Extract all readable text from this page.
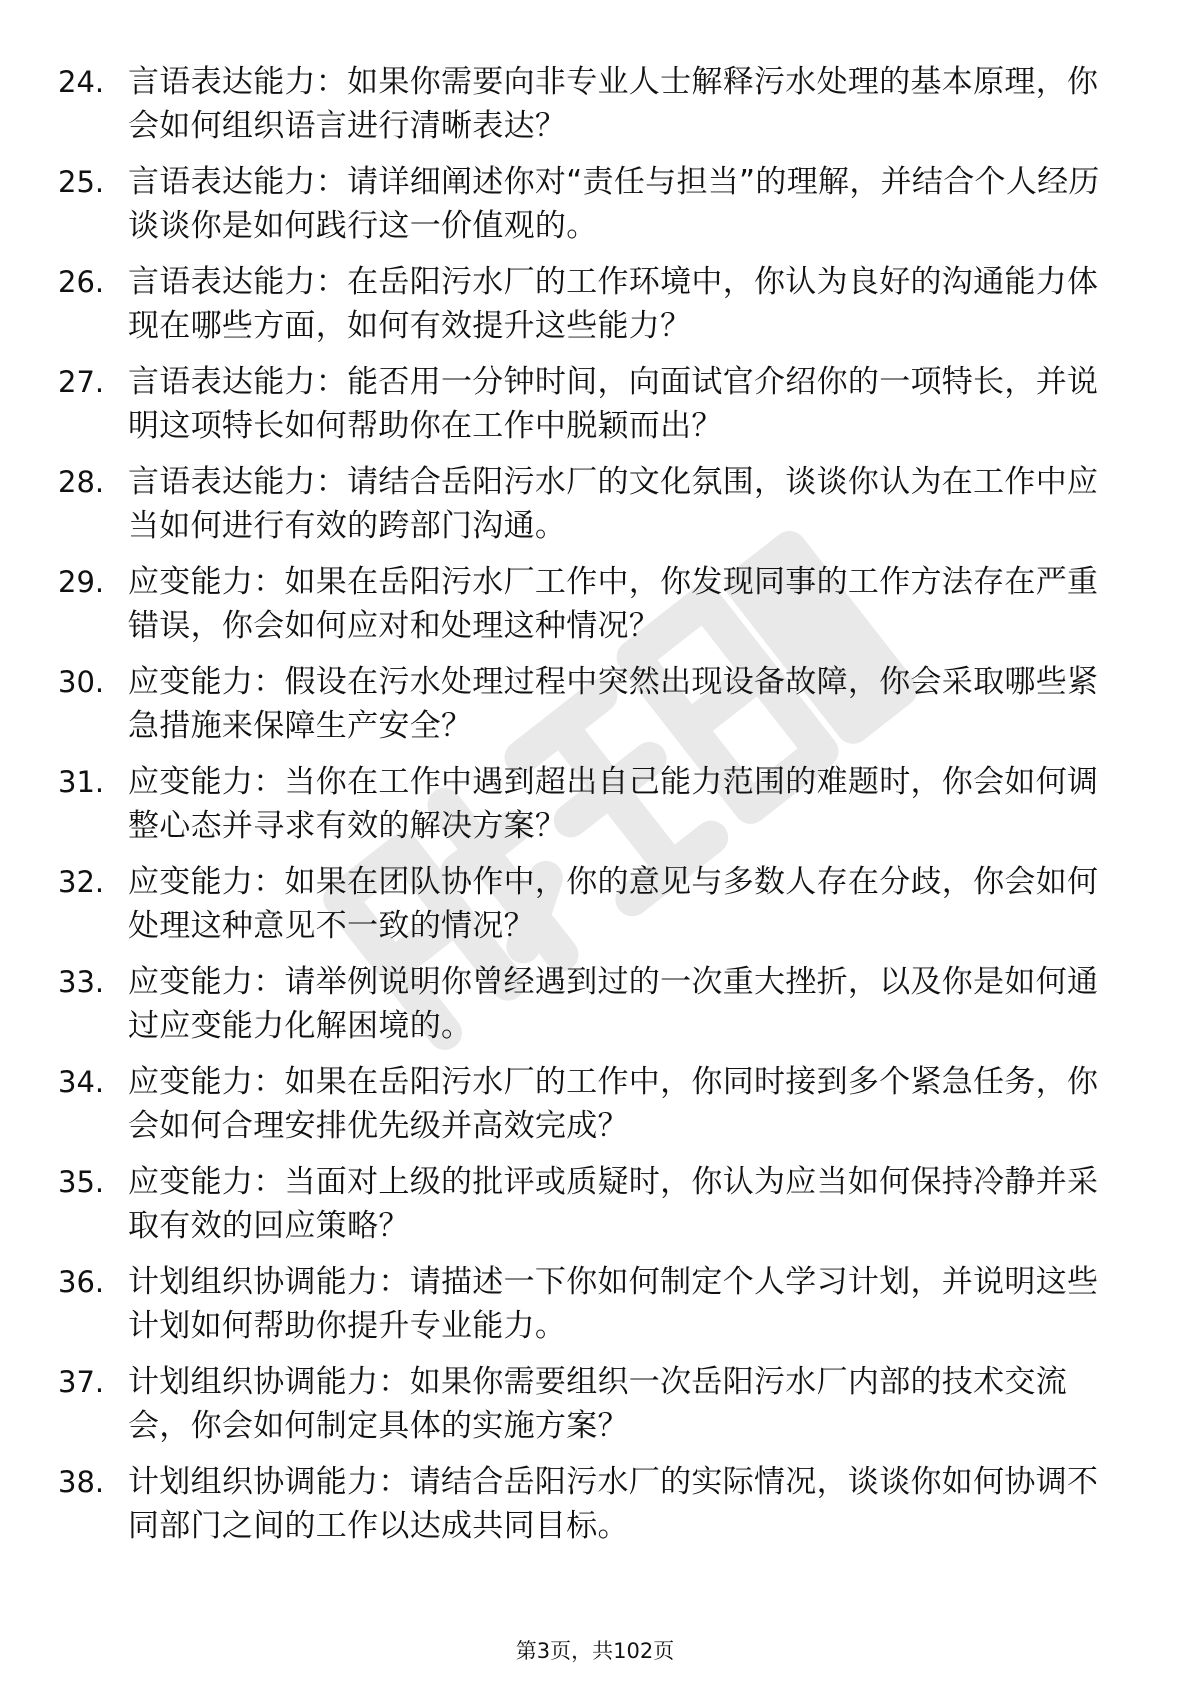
24. 言语表达能力：如果你需要向非专业人士解释污水处理的基本原理，你会如何组织语言进行清晰表达？
25. 言语表达能力：请详细阐述你对“责任与担当”的理解，并结合个人经历谈谈你是如何践行这一价值观的。
26. 言语表达能力：在岳阳污水厂的工作环境中，你认为良好的沟通能力体现在哪些方面，如何有效提升这些能力？
27. 言语表达能力：能否用一分钟时间，向面试官介绍你的一项特长，并说明这项特长如何帮助你在工作中脱颖而出？
28. 言语表达能力：请结合岳阳污水厂的文化氛围，谈谈你认为在工作中应当如何进行有效的跨部门沟通。
29. 应变能力：如果在岳阳污水厂工作中，你发现同事的工作方法存在严重错误，你会如何应对和处理这种情况？
30. 应变能力：假设在污水处理过程中突然出现设备故障，你会采取哪些紧急措施来保障生产安全？
31. 应变能力：当你在工作中遇到超出自己能力范围的难题时，你会如何调整心态并寻求有效的解决方案？
32. 应变能力：如果在团队协作中，你的意见与多数人存在分歧，你会如何处理这种意见不一致的情况？
33. 应变能力：请举例说明你曾经遇到过的一次重大挫折，以及你是如何通过应变能力化解困境的。
34. 应变能力：如果在岳阳污水厂的工作中，你同时接到多个紧急任务，你会如何合理安排优先级并高效完成？
35. 应变能力：当面对上级的批评或质疑时，你认为应当如何保持冷静并采取有效的回应策略？
36. 计划组织协调能力：请描述一下你如何制定个人学习计划，并说明这些计划如何帮助你提升专业能力。
37. 计划组织协调能力：如果你需要组织一次岳阳污水厂内部的技术交流会，你会如何制定具体的实施方案？
38. 计划组织协调能力：请结合岳阳污水厂的实际情况，谈谈你如何协调不同部门之间的工作以达成共同目标。
第3页，共102页
